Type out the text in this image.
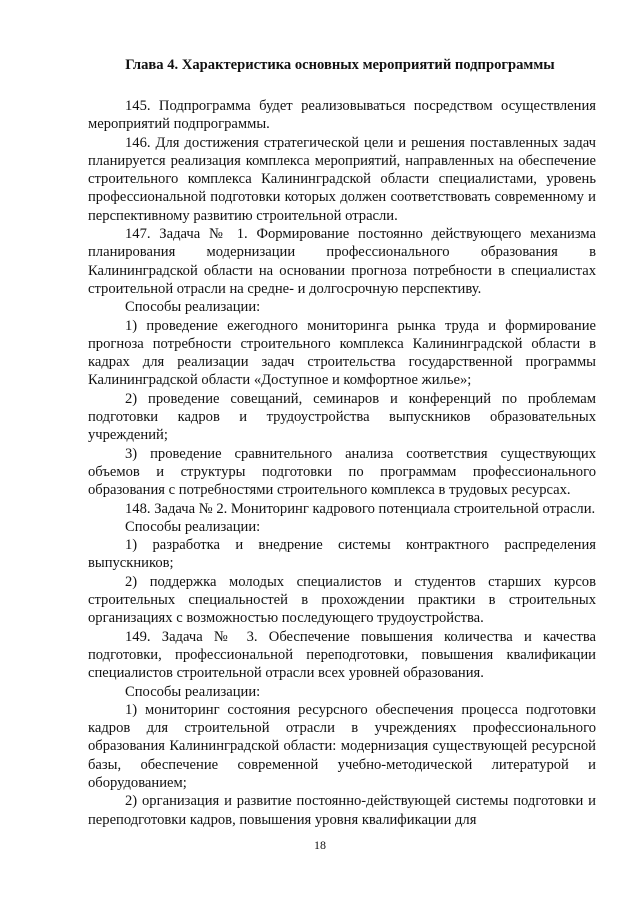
Глава 4. Характеристика основных мероприятий подпрограммы

145. Подпрограмма будет реализовываться посредством осуществления мероприятий подпрограммы.

146. Для достижения стратегической цели и решения поставленных задач планируется реализация комплекса мероприятий, направленных на обеспечение строительного комплекса Калининградской области специалистами, уровень профессиональной подготовки которых должен соответствовать современному и перспективному развитию строительной отрасли.

147. Задача № 1. Формирование постоянно действующего механизма планирования модернизации профессионального образования в Калининградской области на основании прогноза потребности в специалистах строительной отрасли на средне- и долгосрочную перспективу.

Способы реализации:

1) проведение ежегодного мониторинга рынка труда и формирование прогноза потребности строительного комплекса Калининградской области в кадрах для реализации задач строительства государственной программы Калининградской области «Доступное и комфортное жилье»;

2) проведение совещаний, семинаров и конференций по проблемам подготовки кадров и трудоустройства выпускников образовательных учреждений;

3) проведение сравнительного анализа соответствия существующих объемов и структуры подготовки по программам профессионального образования с потребностями строительного комплекса в трудовых ресурсах.

148. Задача № 2. Мониторинг кадрового потенциала строительной отрасли.

Способы реализации:

1) разработка и внедрение системы контрактного распределения выпускников;

2) поддержка молодых специалистов и студентов старших курсов строительных специальностей в прохождении практики в строительных организациях с возможностью последующего трудоустройства.

149. Задача № 3. Обеспечение повышения количества и качества подготовки, профессиональной переподготовки, повышения квалификации специалистов строительной отрасли всех уровней образования.

Способы реализации:

1) мониторинг состояния ресурсного обеспечения процесса подготовки кадров для строительной отрасли в учреждениях профессионального образования Калининградской области: модернизация существующей ресурсной базы, обеспечение современной учебно-методической литературой и оборудованием;

2) организация и развитие постоянно-действующей системы подготовки и переподготовки кадров, повышения уровня квалификации для

18
